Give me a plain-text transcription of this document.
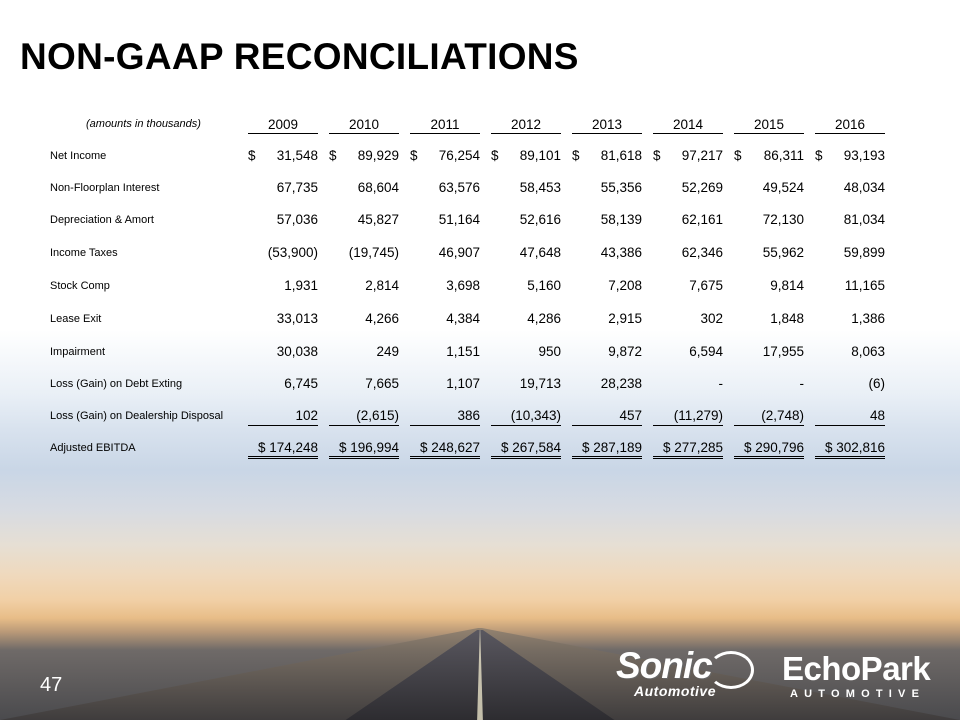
NON-GAAP RECONCILIATIONS
(amounts in thousands)	2009	2010	2011	2012	2013	2014	2015	2016
Net Income	$ 31,548 $ 89,929 $ 76,254 $ 89,101 $ 81,618 $ 97,217 $ 86,311 $ 93,193
Non-Floorplan Interest	67,735	68,604	63,576	58,453	55,356	52,269	49,524	48,034
Depreciation & Amort	57,036	45,827	51,164	52,616	58,139	62,161	72,130	81,034
Income Taxes	(53,900)	(19,745)	46,907	47,648	43,386	62,346	55,962	59,899
Stock Comp	1,931	2,814	3,698	5,160	7,208	7,675	9,814	11,165
Lease Exit	33,013	4,266	4,384	4,286	2,915	302	1,848	1,386
Impairment	30,038	249	1,151	950	9,872	6,594	17,955	8,063
Loss (Gain) on Debt Exting	6,745	7,665	1,107	19,713	28,238	-	-	(6)
Loss (Gain) on Dealership Disposal	102	(2,615)	386	(10,343)	457	(11,279)	(2,748)	48
Adjusted EBITDA	$ 174,248	$ 196,994	$ 248,627	$ 267,584	$ 287,189	$ 277,285	$ 290,796	$ 302,816
47	Sonic
Automotive
EchoPark
AUTOMOTIVE
